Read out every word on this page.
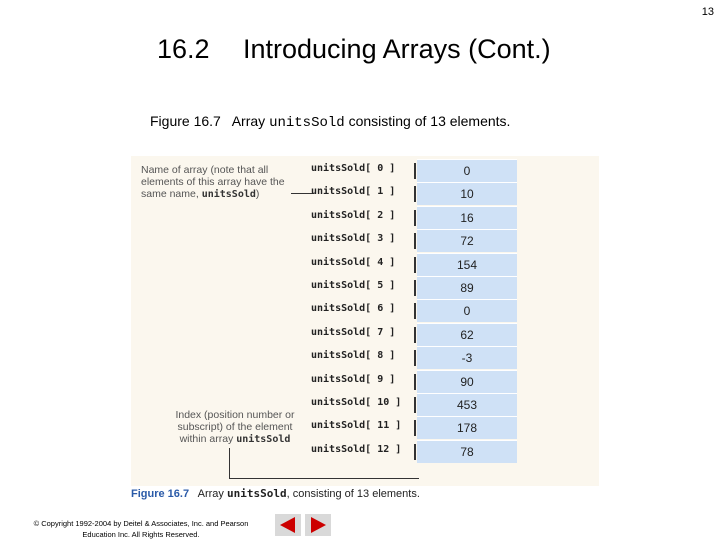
13
16.2 Introducing Arrays (Cont.)
Figure 16.7   Array unitsSold consisting of 13 elements.
Name of array (note that all elements of this array have the same name, unitsSold)
unitsSold[ 0 ]	0
unitsSold[ 1 ]	10
unitsSold[ 2 ]	16
unitsSold[ 3 ]	72
unitsSold[ 4 ]	154
unitsSold[ 5 ]	89
unitsSold[ 6 ]	0
unitsSold[ 7 ]	62
unitsSold[ 8 ]	-3
unitsSold[ 9 ]	90
unitsSold[ 10 ]	453
unitsSold[ 11 ]	178
unitsSold[ 12 ]	78
Index (position number or subscript) of the element within array unitsSold
Figure 16.7   Array unitsSold, consisting of 13 elements.
© Copyright 1992-2004 by Deitel & Associates, Inc. and Pearson
Education Inc. All Rights Reserved.
